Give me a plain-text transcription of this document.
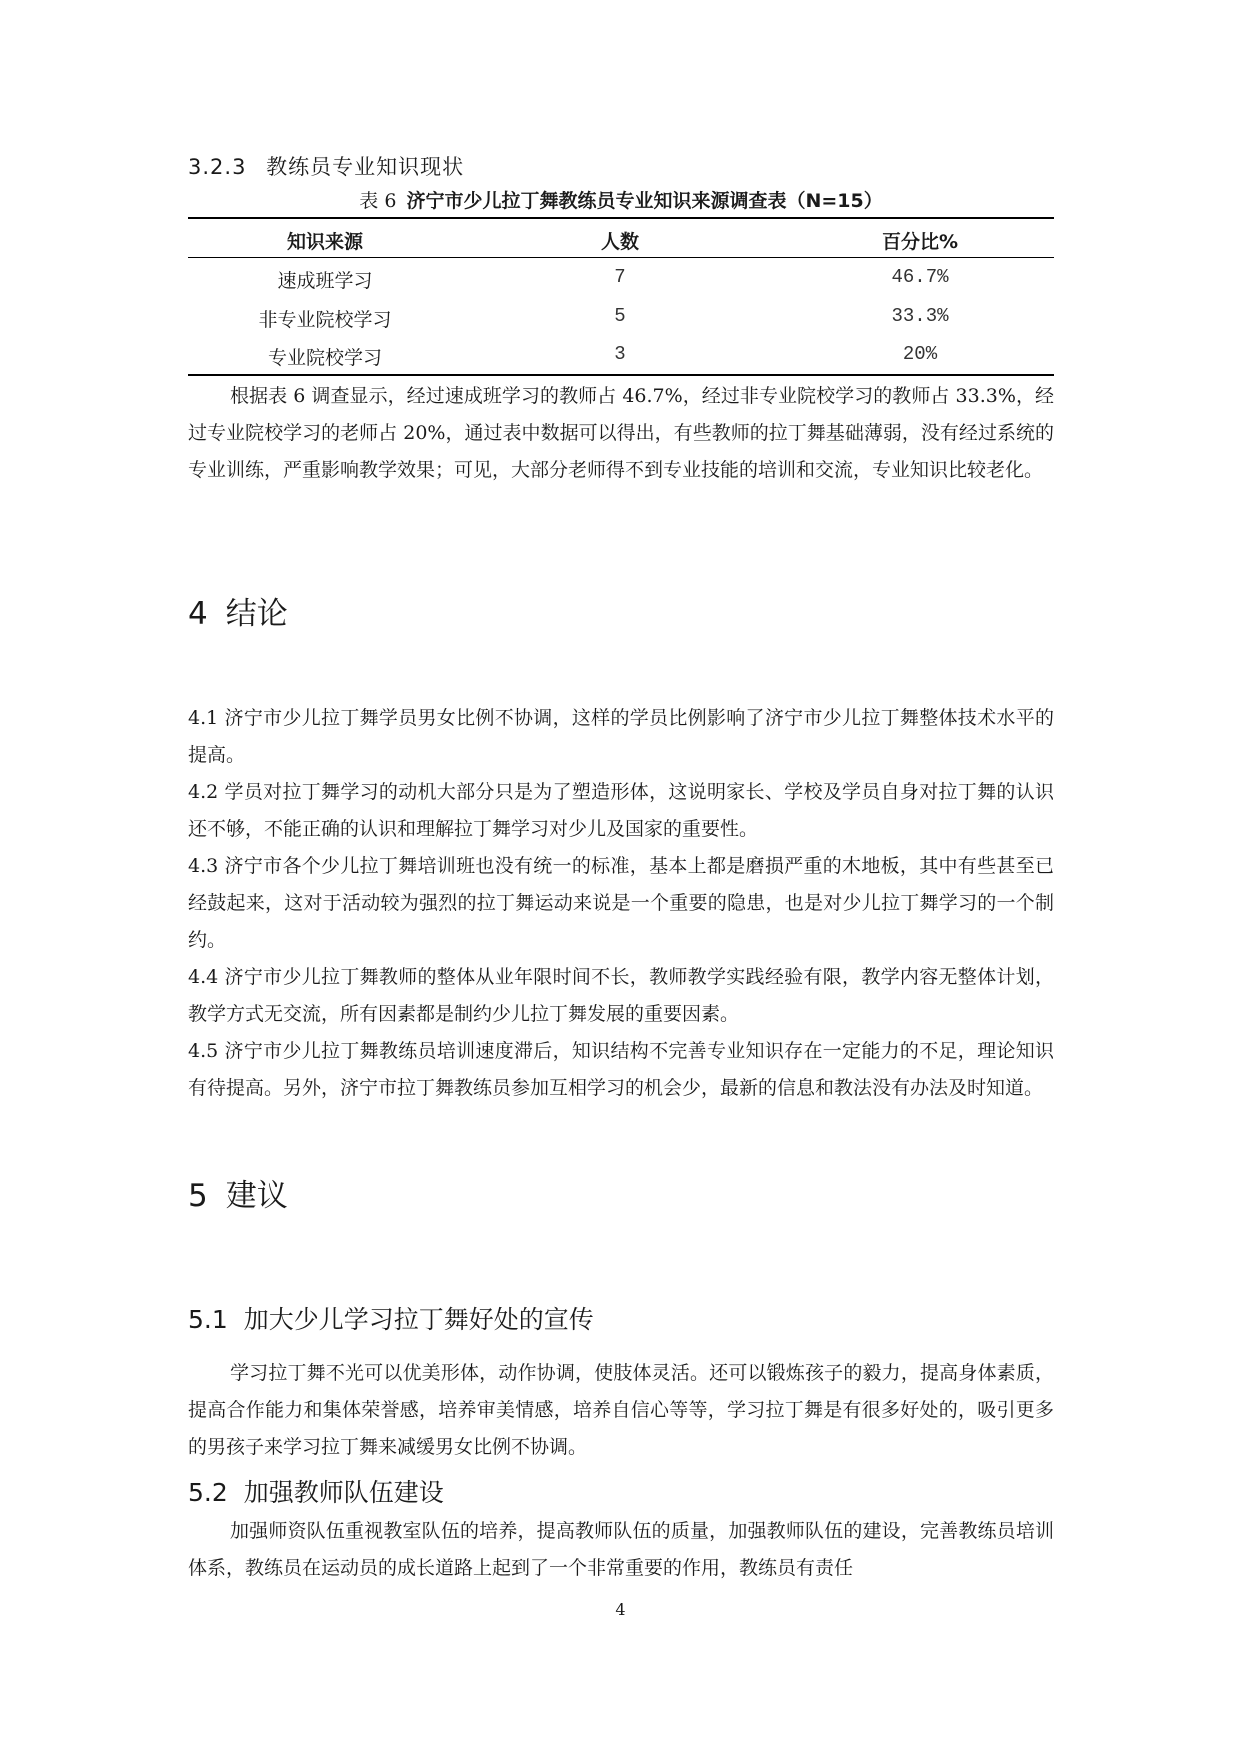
3.2.3 教练员专业知识现状
表 6 济宁市少儿拉丁舞教练员专业知识来源调查表（N=15）
知识来源	人数	百分比%
速成班学习	7	46.7%
非专业院校学习	5	33.3%
专业院校学习	3	20%

根据表 6 调查显示，经过速成班学习的教师占 46.7%，经过非专业院校学习的教师占 33.3%，经过专业院校学习的老师占 20%，通过表中数据可以得出，有些教师的拉丁舞基础薄弱，没有经过系统的专业训练，严重影响教学效果；可见，大部分老师得不到专业技能的培训和交流，专业知识比较老化。

4 结论

4.1 济宁市少儿拉丁舞学员男女比例不协调，这样的学员比例影响了济宁市少儿拉丁舞整体技术水平的提高。

4.2 学员对拉丁舞学习的动机大部分只是为了塑造形体，这说明家长、学校及学员自身对拉丁舞的认识还不够，不能正确的认识和理解拉丁舞学习对少儿及国家的重要性。

4.3 济宁市各个少儿拉丁舞培训班也没有统一的标准，基本上都是磨损严重的木地板，其中有些甚至已经鼓起来，这对于活动较为强烈的拉丁舞运动来说是一个重要的隐患，也是对少儿拉丁舞学习的一个制约。

4.4 济宁市少儿拉丁舞教师的整体从业年限时间不长，教师教学实践经验有限，教学内容无整体计划，教学方式无交流，所有因素都是制约少儿拉丁舞发展的重要因素。

4.5 济宁市少儿拉丁舞教练员培训速度滞后，知识结构不完善专业知识存在一定能力的不足，理论知识有待提高。另外，济宁市拉丁舞教练员参加互相学习的机会少，最新的信息和教法没有办法及时知道。

5 建议
5.1 加大少儿学习拉丁舞好处的宣传

学习拉丁舞不光可以优美形体，动作协调，使肢体灵活。还可以锻炼孩子的毅力，提高身体素质，提高合作能力和集体荣誉感，培养审美情感，培养自信心等等，学习拉丁舞是有很多好处的，吸引更多的男孩子来学习拉丁舞来减缓男女比例不协调。

5.2 加强教师队伍建设

加强师资队伍重视教室队伍的培养，提高教师队伍的质量，加强教师队伍的建设，完善教练员培训体系，教练员在运动员的成长道路上起到了一个非常重要的作用，教练员有责任

4
